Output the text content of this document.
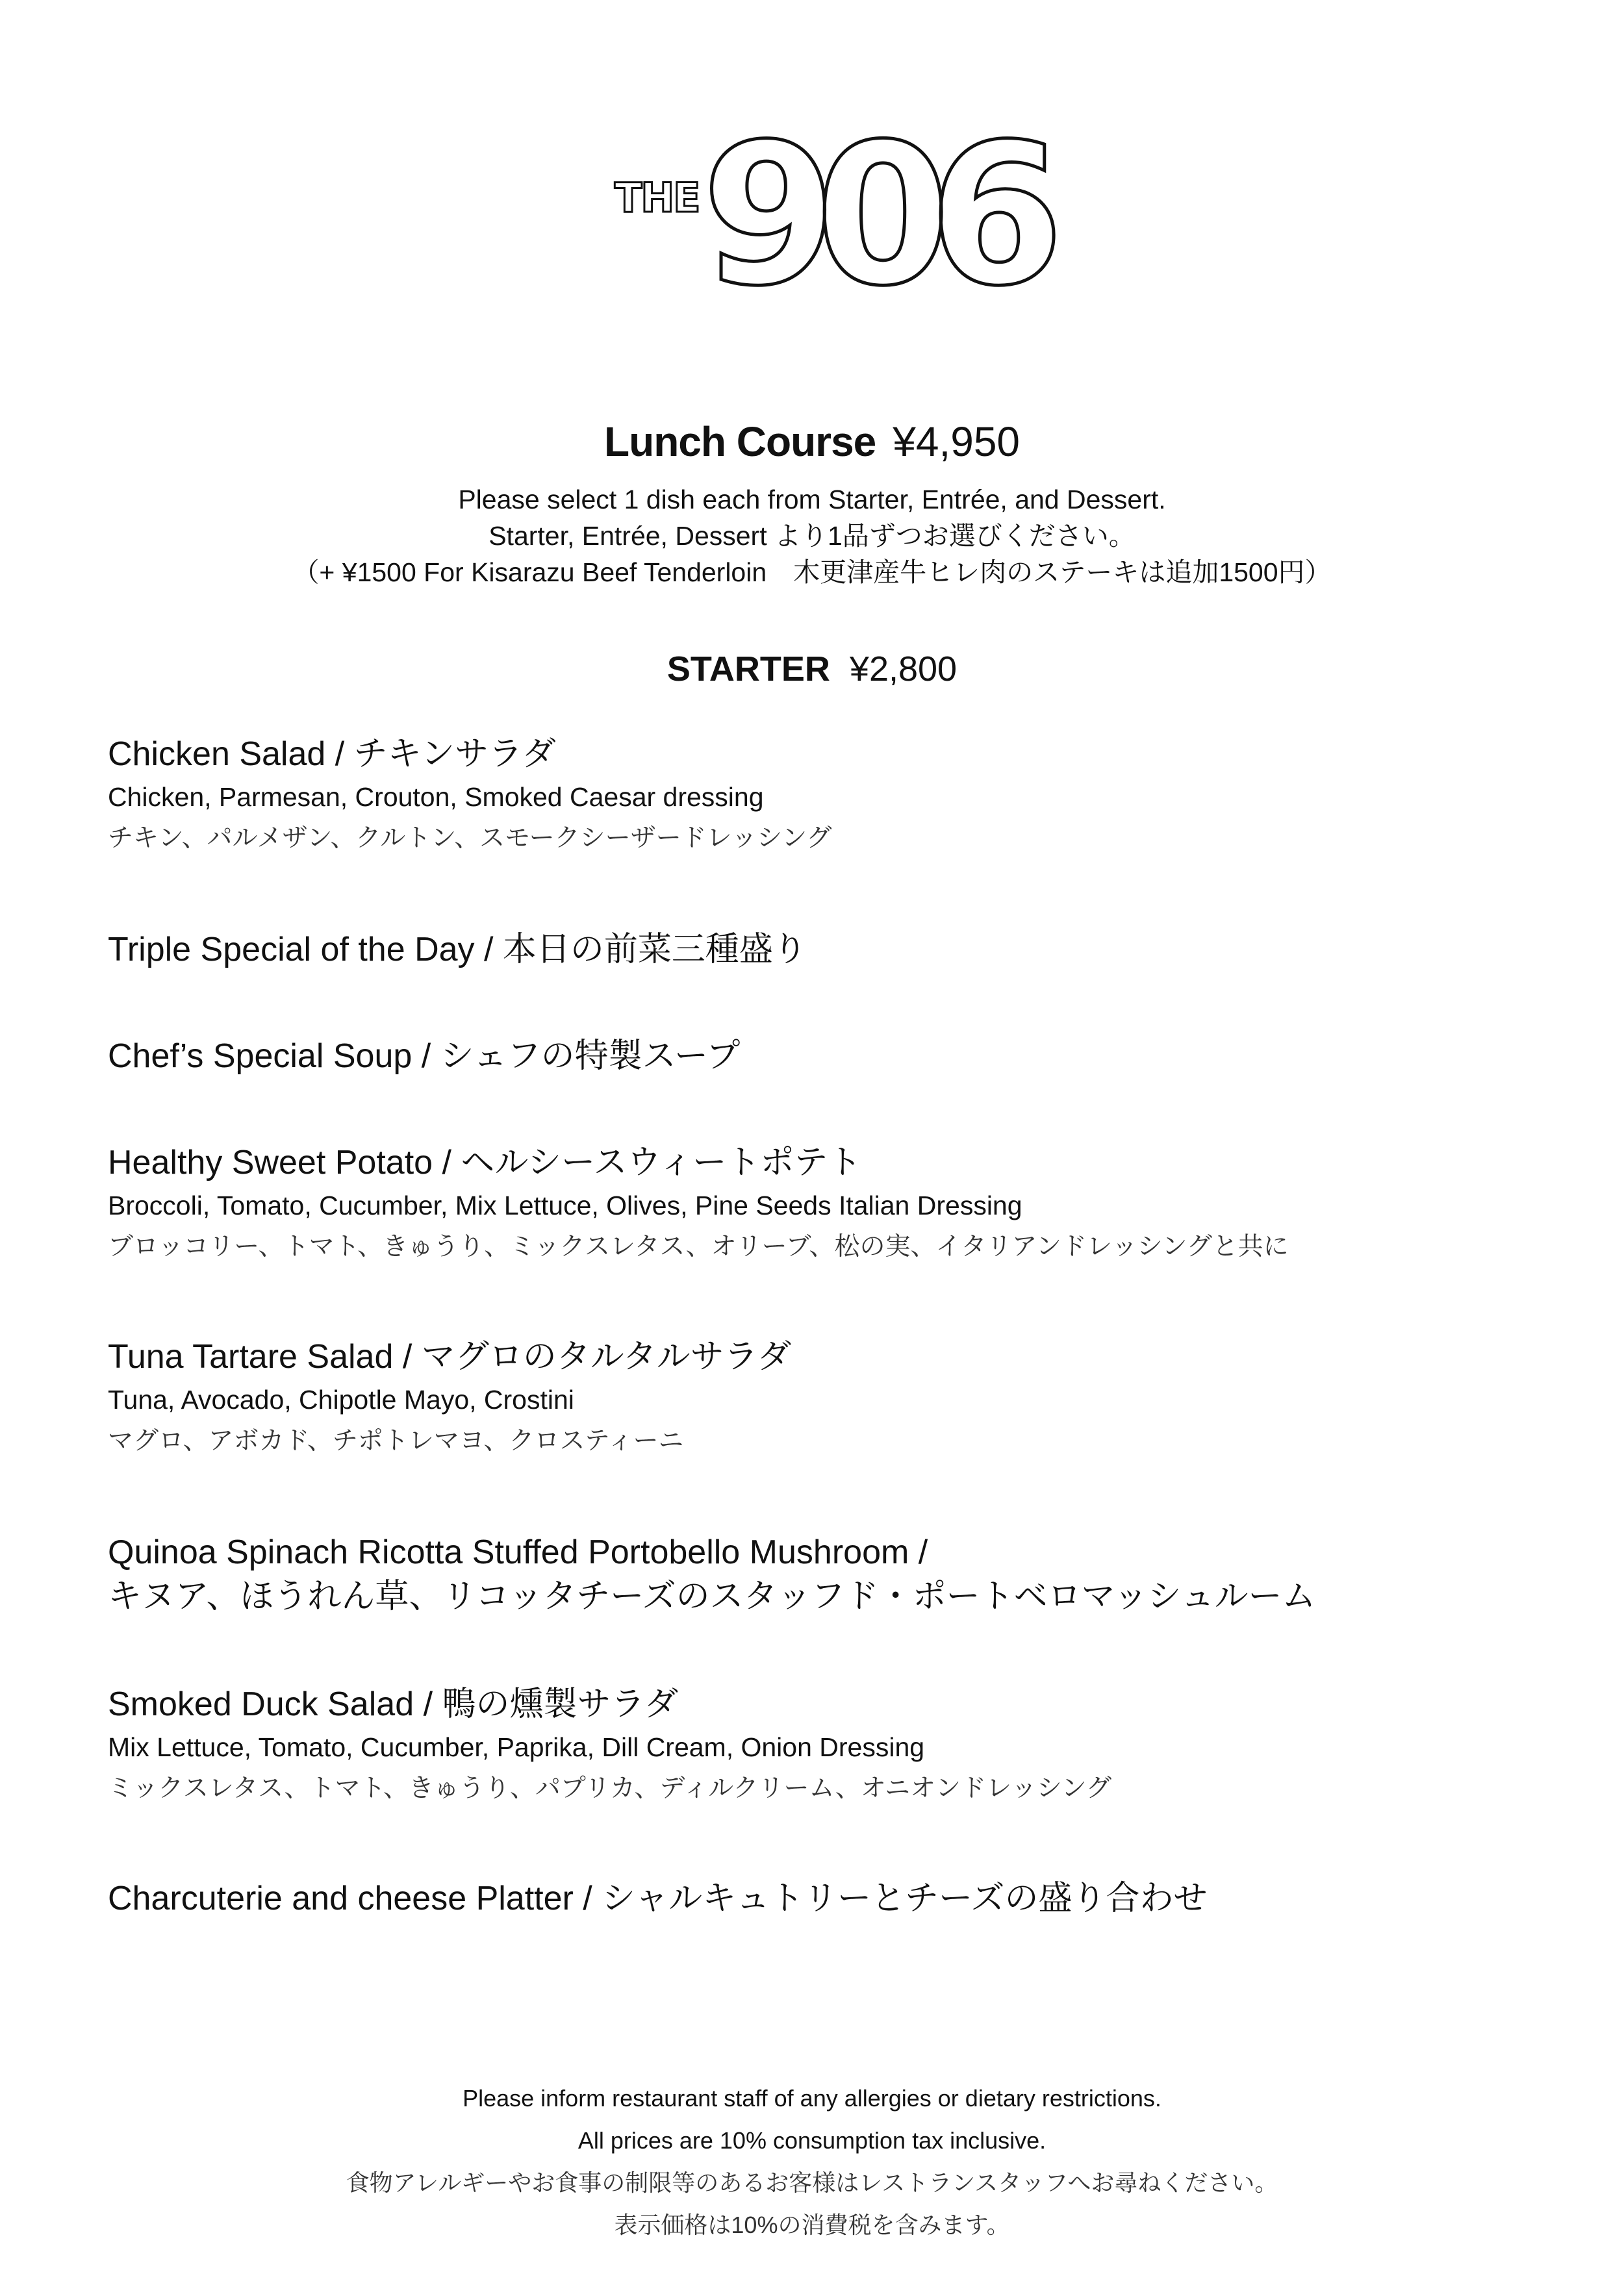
THE 906
Lunch Course ¥4,950
Please select 1 dish each from Starter, Entrée, and Dessert.
Starter, Entrée, Dessert より1品ずつお選びください。
（+ ¥1500 For Kisarazu Beef Tenderloin　木更津産牛ヒレ肉のステーキは追加1500円）
STARTER ¥2,800
Chicken Salad / チキンサラダ
Chicken, Parmesan, Crouton, Smoked Caesar dressing
チキン、パルメザン、クルトン、スモークシーザードレッシング
Triple Special of the Day / 本日の前菜三種盛り
Chef’s Special Soup / シェフの特製スープ
Healthy Sweet Potato / ヘルシースウィートポテト
Broccoli, Tomato, Cucumber, Mix Lettuce, Olives, Pine Seeds Italian Dressing
ブロッコリー、トマト、きゅうり、ミックスレタス、オリーブ、松の実、イタリアンドレッシングと共に
Tuna Tartare Salad / マグロのタルタルサラダ
Tuna, Avocado, Chipotle Mayo, Crostini
マグロ、アボカド、チポトレマヨ、クロスティーニ
Quinoa Spinach Ricotta Stuffed Portobello Mushroom /
キヌア、ほうれん草、リコッタチーズのスタッフド・ポートベロマッシュルーム
Smoked Duck Salad / 鴨の燻製サラダ
Mix Lettuce, Tomato, Cucumber, Paprika, Dill Cream, Onion Dressing
ミックスレタス、トマト、きゅうり、パプリカ、ディルクリーム、オニオンドレッシング
Charcuterie and cheese Platter / シャルキュトリーとチーズの盛り合わせ
Please inform restaurant staff of any allergies or dietary restrictions.
All prices are 10% consumption tax inclusive.
食物アレルギーやお食事の制限等のあるお客様はレストランスタッフへお尋ねください。
表示価格は10%の消費税を含みます。
